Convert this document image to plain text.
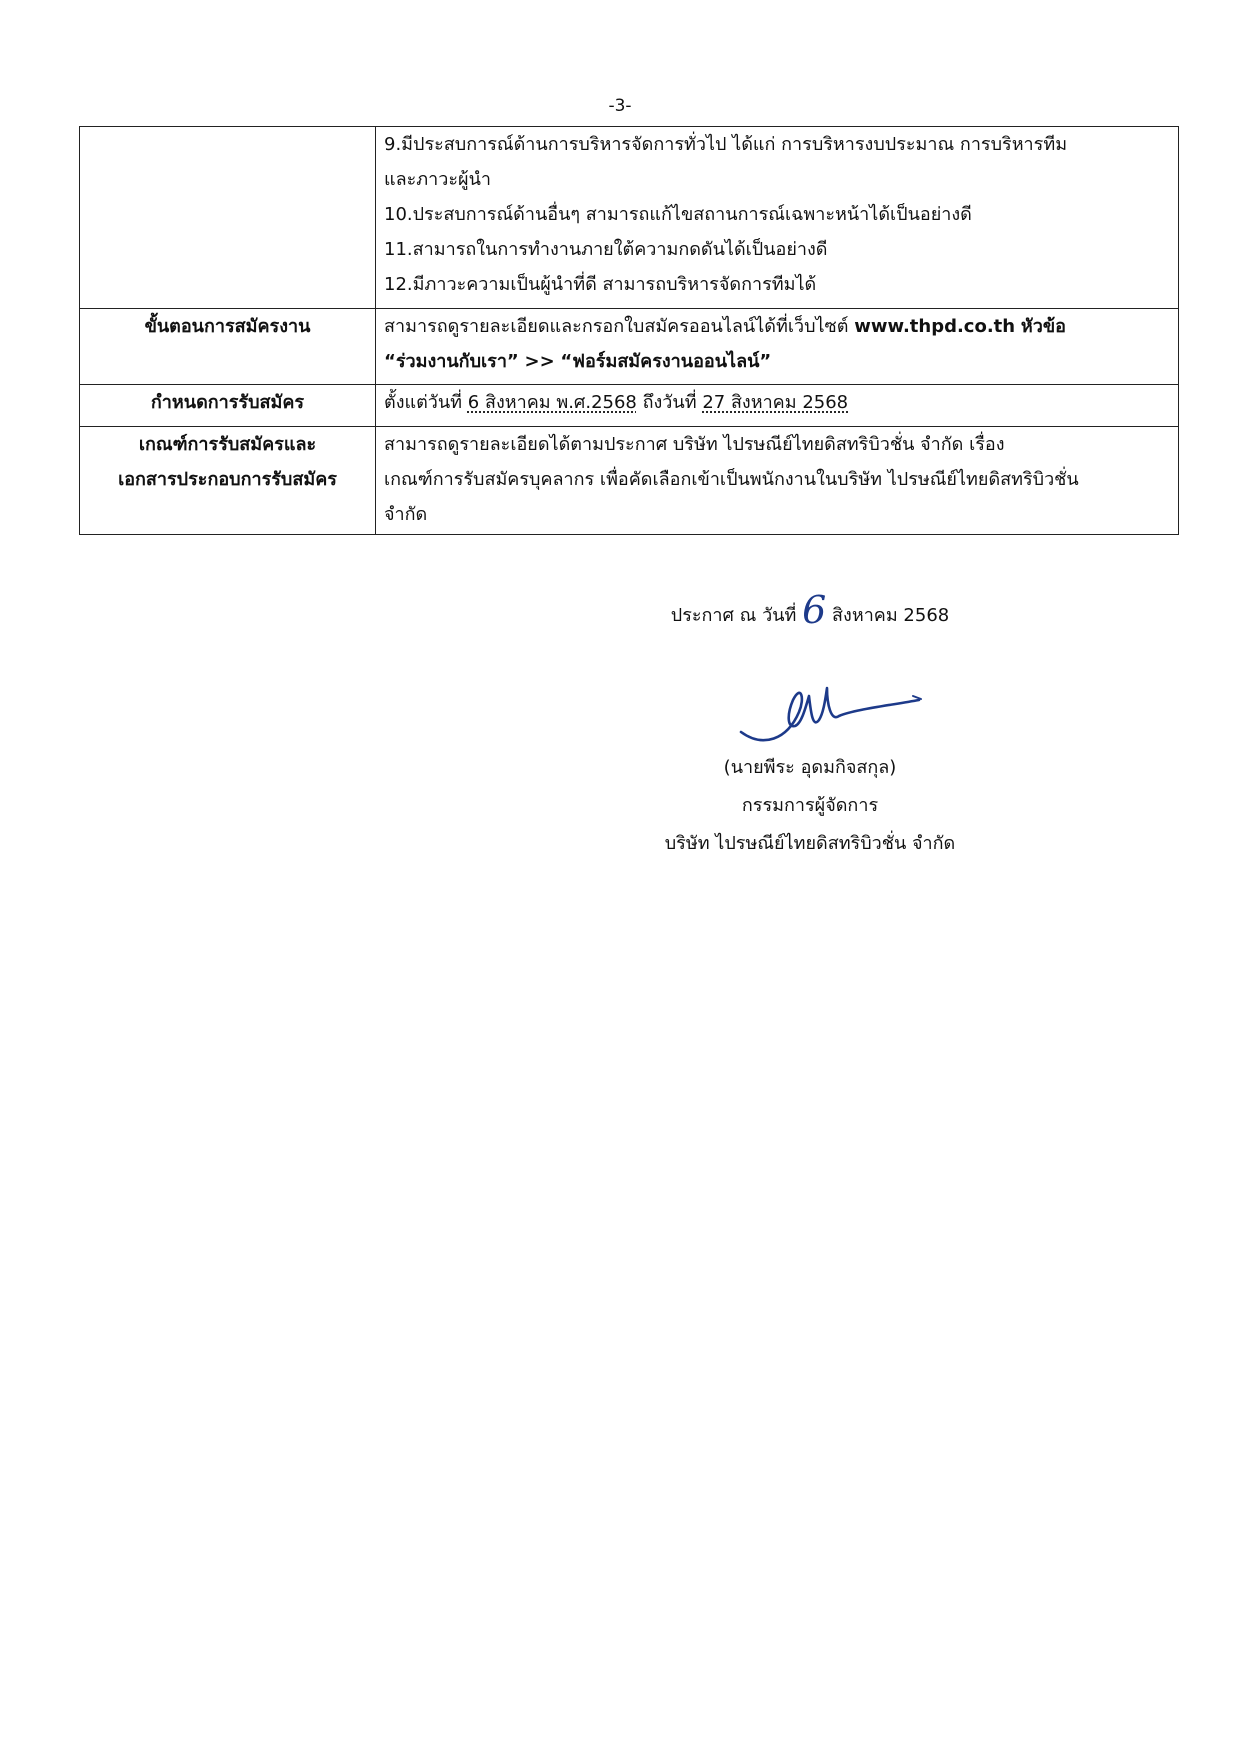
-3-

	9.มีประสบการณ์ด้านการบริหารจัดการทั่วไป ได้แก่ การบริหารงบประมาณ การบริหารทีม
และภาวะผู้นำ
10.ประสบการณ์ด้านอื่นๆ สามารถแก้ไขสถานการณ์เฉพาะหน้าได้เป็นอย่างดี
11.สามารถในการทำงานภายใต้ความกดดันได้เป็นอย่างดี
12.มีภาวะความเป็นผู้นำที่ดี สามารถบริหารจัดการทีมได้

ขั้นตอนการสมัครงาน	สามารถดูรายละเอียดและกรอกใบสมัครออนไลน์ได้ที่เว็บไซต์ www.thpd.co.th หัวข้อ
“ร่วมงานกับเรา” >> “ฟอร์มสมัครงานออนไลน์”

กำหนดการรับสมัคร	ตั้งแต่วันที่ 6 สิงหาคม พ.ศ.2568 ถึงวันที่ 27 สิงหาคม 2568

เกณฑ์การรับสมัครและ
เอกสารประกอบการรับสมัคร	สามารถดูรายละเอียดได้ตามประกาศ บริษัท ไปรษณีย์ไทยดิสทริบิวชั่น จำกัด เรื่อง
เกณฑ์การรับสมัครบุคลากร เพื่อคัดเลือกเข้าเป็นพนักงานในบริษัท ไปรษณีย์ไทยดิสทริบิวชั่น
จำกัด
ประกาศ ณ วันที่ 6 สิงหาคม 2568
(นายพีระ อุดมกิจสกุล)
กรรมการผู้จัดการ
บริษัท ไปรษณีย์ไทยดิสทริบิวชั่น จำกัด
